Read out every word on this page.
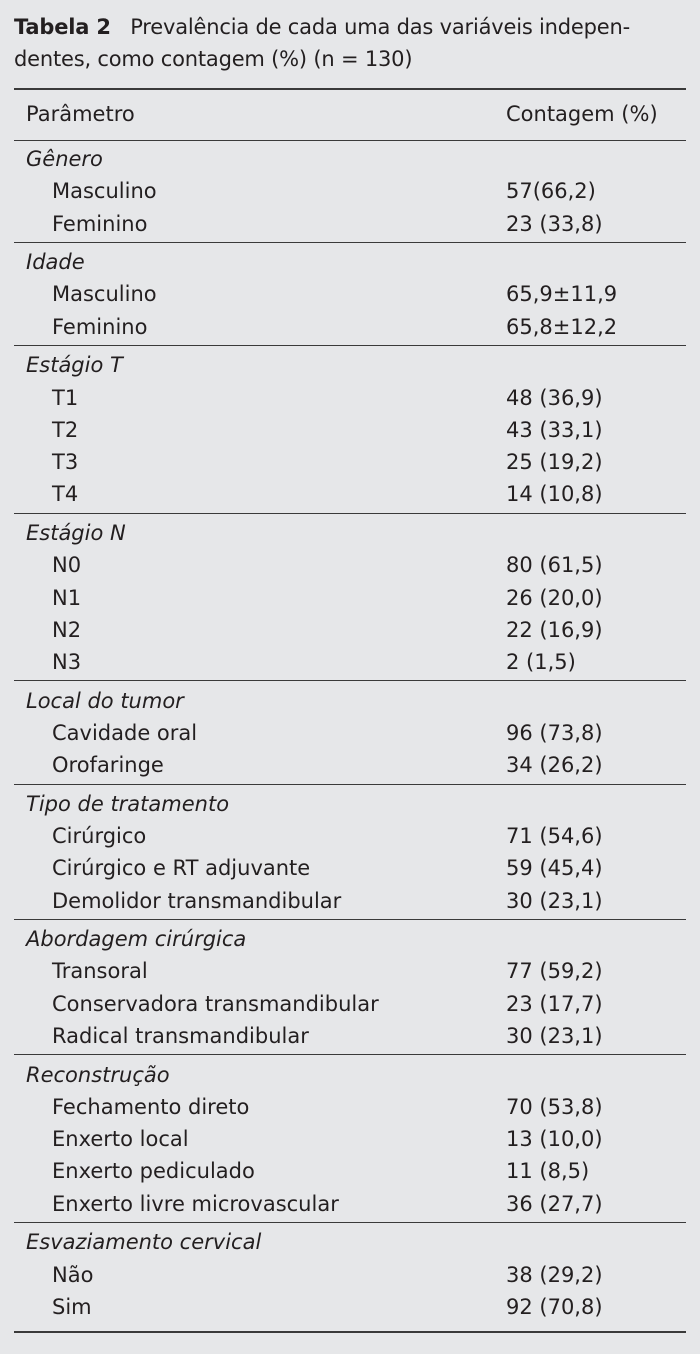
Tabela 2 Prevalência de cada uma das variáveis indepen-
dentes, como contagem (%) (n = 130)
Parâmetro	Contagem (%)
Gênero
Masculino	57(66,2)
Feminino	23 (33,8)
Idade
Masculino	65,9±11,9
Feminino	65,8±12,2
Estágio T
T1	48 (36,9)
T2	43 (33,1)
T3	25 (19,2)
T4	14 (10,8)
Estágio N
N0	80 (61,5)
N1	26 (20,0)
N2	22 (16,9)
N3	2 (1,5)
Local do tumor
Cavidade oral	96 (73,8)
Orofaringe	34 (26,2)
Tipo de tratamento
Cirúrgico	71 (54,6)
Cirúrgico e RT adjuvante	59 (45,4)
Demolidor transmandibular	30 (23,1)
Abordagem cirúrgica
Transoral	77 (59,2)
Conservadora transmandibular	23 (17,7)
Radical transmandibular	30 (23,1)
Reconstrução
Fechamento direto	70 (53,8)
Enxerto local	13 (10,0)
Enxerto pediculado	11 (8,5)
Enxerto livre microvascular	36 (27,7)
Esvaziamento cervical
Não	38 (29,2)
Sim	92 (70,8)
